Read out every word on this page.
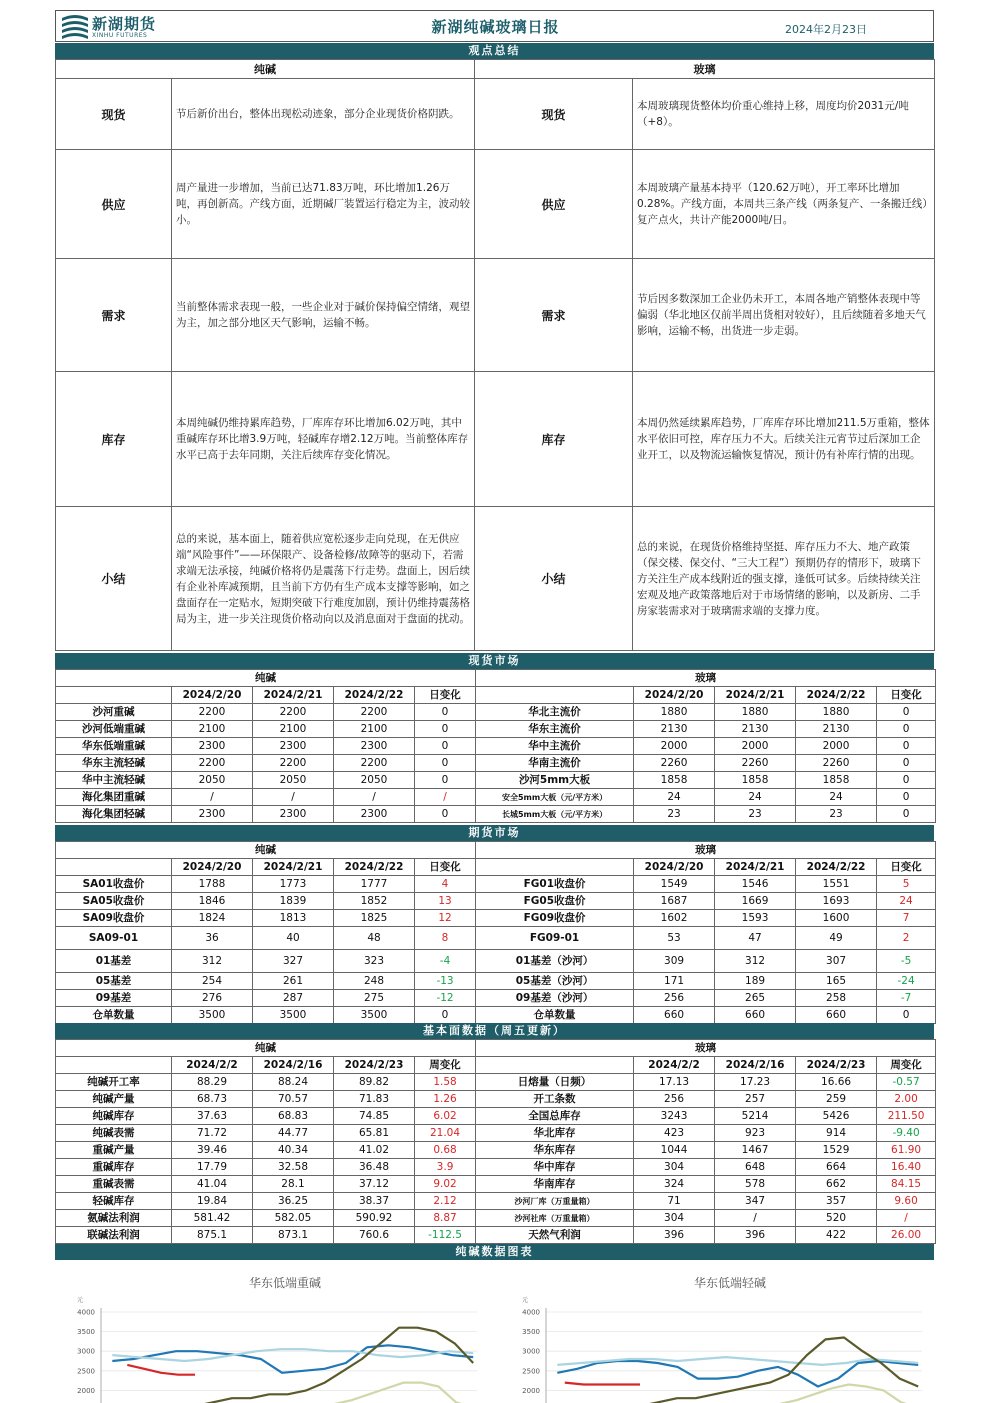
新湖期货
XINHU FUTURES	新湖纯碱玻璃日报	2024年2月23日
观点总结
纯碱		玻璃	
现货	节后新价出台，整体出现松动迹象，部分企业现货价格阴跌。	现货	本周玻璃现货整体均价重心维持上移，周度均价2031元/吨（+8）。
供应	周产量进一步增加，当前已达71.83万吨，环比增加1.26万吨，再创新高。产线方面，近期碱厂装置运行稳定为主，波动较小。	供应	本周玻璃产量基本持平（120.62万吨），开工率环比增加0.28%。产线方面，本周共三条产线（两条复产、一条搬迁线）复产点火，共计产能2000吨/日。
需求	当前整体需求表现一般，一些企业对于碱价保持偏空情绪，观望为主，加之部分地区天气影响，运输不畅。	需求	节后因多数深加工企业仍未开工，本周各地产销整体表现中等偏弱（华北地区仅前半周出货相对较好），且后续随着多地天气影响，运输不畅，出货进一步走弱。
库存	本周纯碱仍维持累库趋势，厂库库存环比增加6.02万吨，其中重碱库存环比增3.9万吨，轻碱库存增2.12万吨。当前整体库存水平已高于去年同期，关注后续库存变化情况。	库存	本周仍然延续累库趋势，厂库库存环比增加211.5万重箱，整体水平依旧可控，库存压力不大。后续关注元宵节过后深加工企业开工，以及物流运输恢复情况，预计仍有补库行情的出现。
小结	总的来说，基本面上，随着供应宽松逐步走向兑现，在无供应端“风险事件”——环保限产、设备检修/故障等的驱动下，若需求端无法承接，纯碱价格将仍是震荡下行走势。盘面上，因后续有企业补库减预期，且当前下方仍有生产成本支撑等影响，如之盘面存在一定贴水，短期突破下行难度加剧，预计仍维持震荡格局为主，进一步关注现货价格动向以及消息面对于盘面的扰动。	小结	总的来说，在现货价格维持坚挺、库存压力不大、地产政策（保交楼、保交付、“三大工程”）预期仍存的情形下，玻璃下方关注生产成本线附近的强支撑，逢低可试多。后续持续关注宏观及地产政策落地后对于市场情绪的影响，以及新房、二手房家装需求对于玻璃需求端的支撑力度。
现货市场
纯碱					玻璃				
	2024/2/20	2024/2/21	2024/2/22	日变化		2024/2/20	2024/2/21	2024/2/22	日变化
沙河重碱	2200	2200	2200	0	华北主流价	1880	1880	1880	0
沙河低端重碱	2100	2100	2100	0	华东主流价	2130	2130	2130	0
华东低端重碱	2300	2300	2300	0	华中主流价	2000	2000	2000	0
华东主流轻碱	2200	2200	2200	0	华南主流价	2260	2260	2260	0
华中主流轻碱	2050	2050	2050	0	沙河5mm大板	1858	1858	1858	0
海化集团重碱	/	/	/	/	安全5mm大板（元/平方米）	24	24	24	0
海化集团轻碱	2300	2300	2300	0	长城5mm大板（元/平方米）	23	23	23	0
期货市场
纯碱					玻璃				
	2024/2/20	2024/2/21	2024/2/22	日变化		2024/2/20	2024/2/21	2024/2/22	日变化
SA01收盘价	1788	1773	1777	4	FG01收盘价	1549	1546	1551	5
SA05收盘价	1846	1839	1852	13	FG05收盘价	1687	1669	1693	24
SA09收盘价	1824	1813	1825	12	FG09收盘价	1602	1593	1600	7
SA09-01	36	40	48	8	FG09-01	53	47	49	2
01基差	312	327	323	-4	01基差（沙河）	309	312	307	-5
05基差	254	261	248	-13	05基差（沙河）	171	189	165	-24
09基差	276	287	275	-12	09基差（沙河）	256	265	258	-7
仓单数量	3500	3500	3500	0	仓单数量	660	660	660	0
基本面数据（周五更新）
纯碱					玻璃				
	2024/2/2	2024/2/16	2024/2/23	周变化		2024/2/2	2024/2/16	2024/2/23	周变化
纯碱开工率	88.29	88.24	89.82	1.58	日熔量（日频）	17.13	17.23	16.66	-0.57
纯碱产量	68.73	70.57	71.83	1.26	开工条数	256	257	259	2.00
纯碱库存	37.63	68.83	74.85	6.02	全国总库存	3243	5214	5426	211.50
纯碱表需	71.72	44.77	65.81	21.04	华北库存	423	923	914	-9.40
重碱产量	39.46	40.34	41.02	0.68	华东库存	1044	1467	1529	61.90
重碱库存	17.79	32.58	36.48	3.9	华中库存	304	648	664	16.40
重碱表需	41.04	28.1	37.12	9.02	华南库存	324	578	662	84.15
轻碱库存	19.84	36.25	38.37	2.12	沙河厂库（万重量箱）	71	347	357	9.60
氨碱法利润	581.42	582.05	590.92	8.87	沙河社库（万重量箱）	304	/	520	/
联碱法利润	875.1	873.1	760.6	-112.5	天然气利润	396	396	422	26.00
纯碱数据图表
华东低端重碱
元
4000
3500
3000
2500
2000
华东低端轻碱
元
4000
3500
3000
2500
2000
